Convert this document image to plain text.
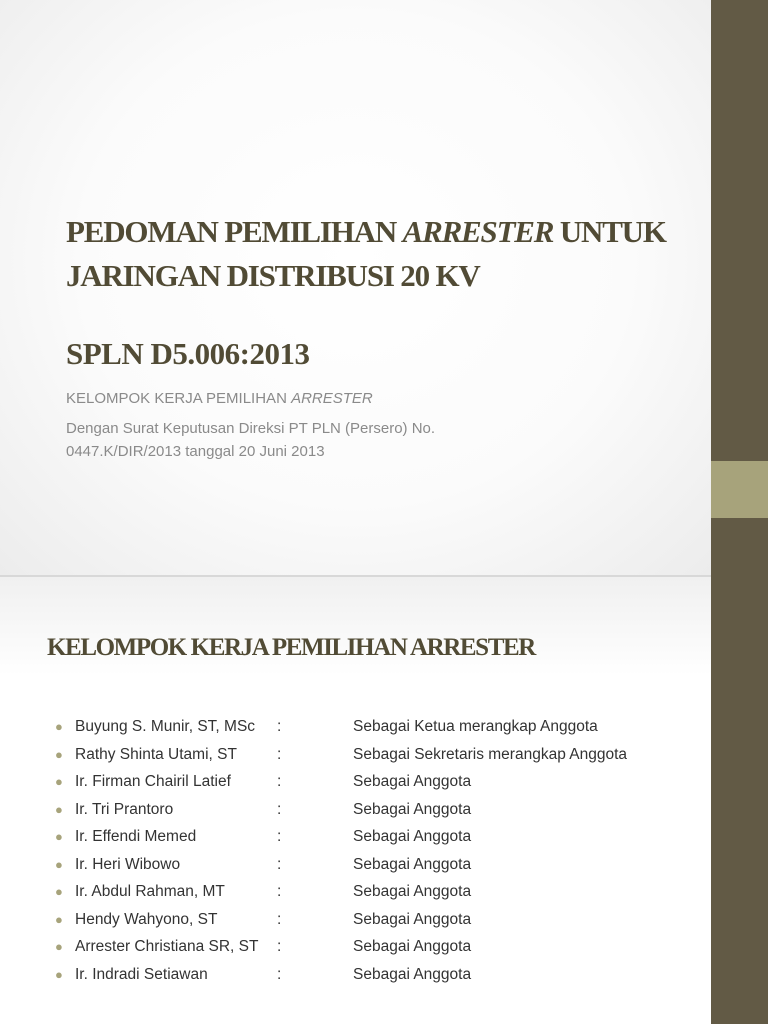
PEDOMAN PEMILIHAN ARRESTER UNTUK JARINGAN DISTRIBUSI 20 KV
SPLN D5.006:2013

KELOMPOK KERJA PEMILIHAN ARRESTER

Dengan Surat Keputusan Direksi PT PLN (Persero) No.
0447.K/DIR/2013 tanggal 20 Juni 2013

KELOMPOK KERJA PEMILIHAN ARRESTER
● Buyung S. Munir, ST, MSc :	Sebagai Ketua merangkap Anggota
● Rathy Shinta Utami, ST	:	Sebagai Sekretaris merangkap Anggota
● Ir. Firman Chairil Latief	:	Sebagai Anggota
● Ir. Tri Prantoro	:	Sebagai Anggota
● Ir. Effendi Memed	:	Sebagai Anggota
● Ir. Heri Wibowo	:	Sebagai Anggota
● Ir. Abdul Rahman, MT	:	Sebagai Anggota
● Hendy Wahyono, ST	:	Sebagai Anggota
● Arrester Christiana SR, ST :	Sebagai Anggota
● Ir. Indradi Setiawan	:	Sebagai Anggota
